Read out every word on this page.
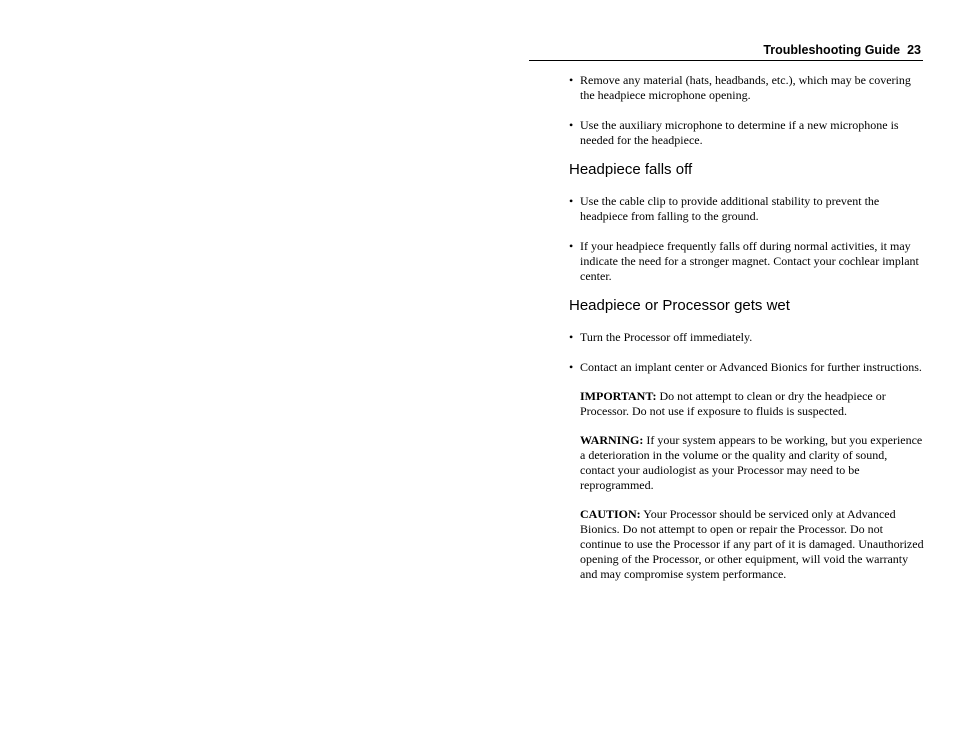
Troubleshooting Guide 23
• Remove any material (hats, headbands, etc.), which may be covering the headpiece microphone opening.
• Use the auxiliary microphone to determine if a new microphone is needed for the headpiece.
Headpiece falls off
• Use the cable clip to provide additional stability to prevent the headpiece from falling to the ground.
• If your headpiece frequently falls off during normal activities, it may indicate the need for a stronger magnet. Contact your cochlear implant center.
Headpiece or Processor gets wet
• Turn the Processor off immediately.
• Contact an implant center or Advanced Bionics for further instructions.
IMPORTANT: Do not attempt to clean or dry the headpiece or Processor. Do not use if exposure to fluids is suspected.
WARNING: If your system appears to be working, but you experience a deterioration in the volume or the quality and clarity of sound, contact your audiologist as your Processor may need to be reprogrammed.
CAUTION: Your Processor should be serviced only at Advanced Bionics. Do not attempt to open or repair the Processor. Do not continue to use the Processor if any part of it is damaged. Unauthorized opening of the Processor, or other equipment, will void the warranty and may compromise system performance.
